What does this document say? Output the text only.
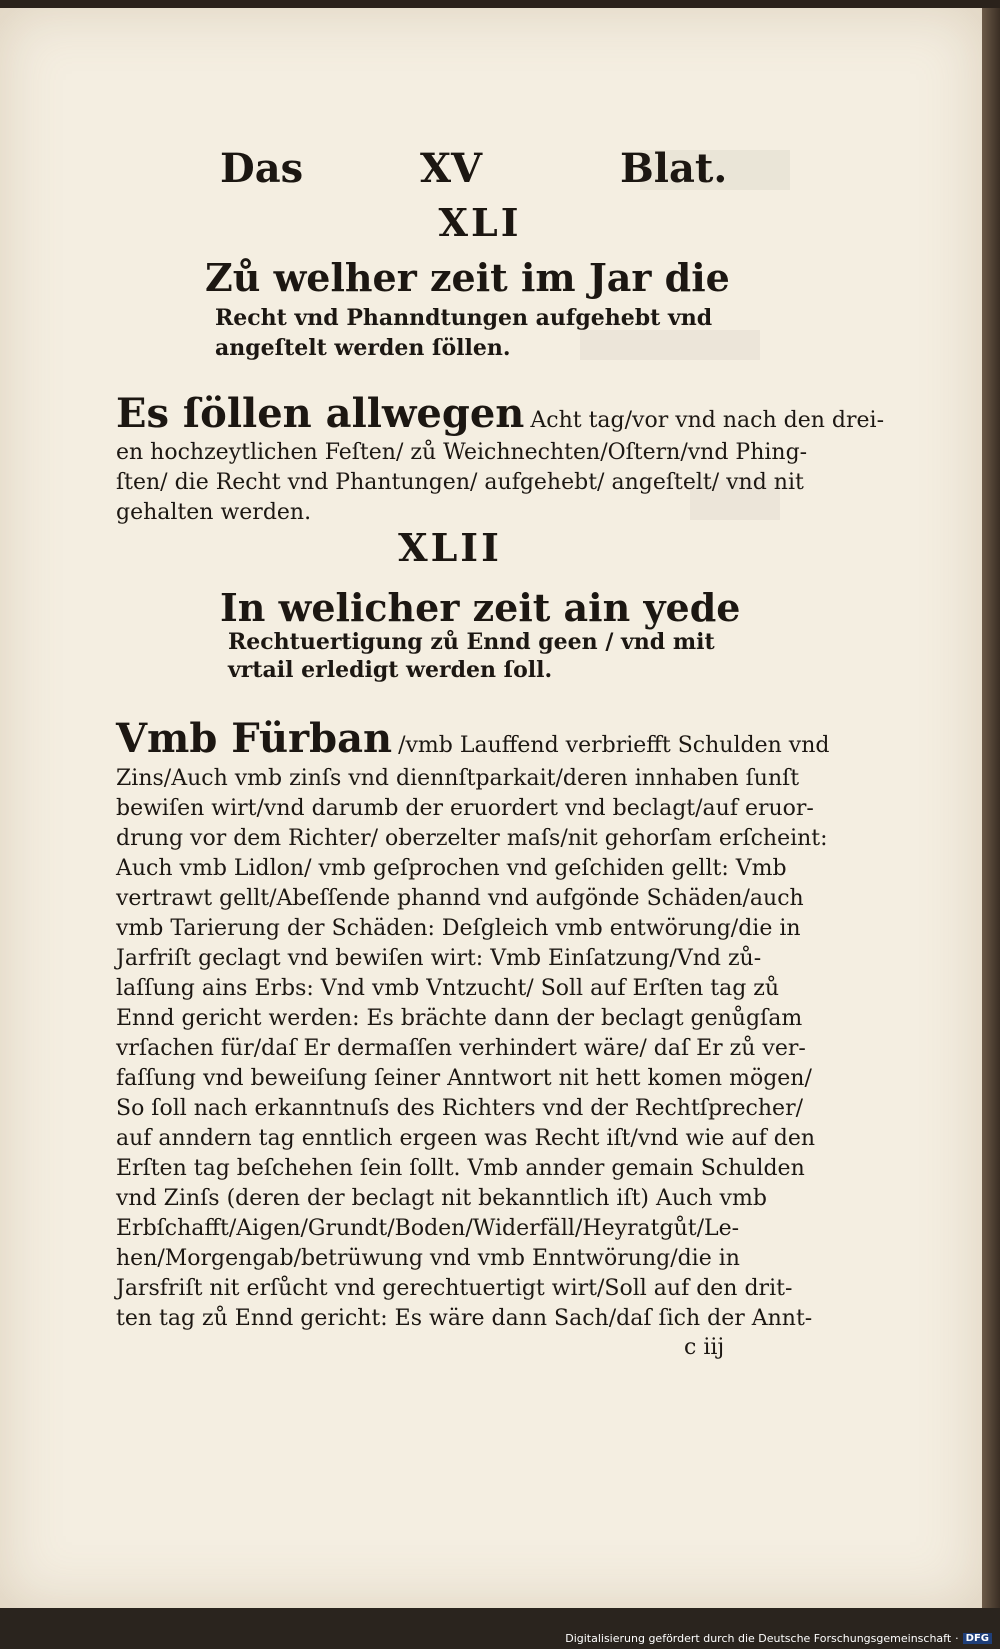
Das	XV	Blat.
XLI
Zů welher zeit im Jar die
Recht vnd Phanndtungen aufgehebt vnd
angeſtelt werden ſöllen.
Es ſöllen allwegen Acht tag/vor vnd nach den drei-
en hochzeytlichen Feſten/ zů Weichnechten/Oſtern/vnd Phing-
ſten/ die Recht vnd Phantungen/ aufgehebt/ angeſtelt/ vnd nit
gehalten werden.
XLII
In welicher zeit ain yede
Rechtuertigung zů Ennd geen / vnd mit
vrtail erledigt werden ſoll.
Vmb Fürban /vmb Lauffend verbriefft Schulden vnd
Zins/Auch vmb zinſs vnd diennſtparkait/deren innhaben ſunſt
bewiſen wirt/vnd darumb der eruordert vnd beclagt/auf eruor-
drung vor dem Richter/ oberzelter maſs/nit gehorſam erſcheint:
Auch vmb Lidlon/ vmb geſprochen vnd geſchiden gellt: Vmb
vertrawt gellt/Abeſſende phannd vnd aufgönde Schäden/auch
vmb Tarierung der Schäden: Deſgleich vmb entwörung/die in
Jarfriſt geclagt vnd bewiſen wirt: Vmb Einſatzung/Vnd zů-
laſſung ains Erbs: Vnd vmb Vntzucht/ Soll auf Erſten tag zů
Ennd gericht werden: Es brächte dann der beclagt genůgſam
vrſachen für/daſ Er dermaſſen verhindert wäre/ daſ Er zů ver-
faſſung vnd beweiſung ſeiner Anntwort nit hett komen mögen/
So ſoll nach erkanntnuſs des Richters vnd der Rechtſprecher/
auf anndern tag enntlich ergeen was Recht iſt/vnd wie auf den
Erſten tag beſchehen ſein ſollt. Vmb annder gemain Schulden
vnd Zinſs (deren der beclagt nit bekanntlich iſt) Auch vmb
Erbſchafft/Aigen/Grundt/Boden/Widerfäll/Heyratgůt/Le-
hen/Morgengab/betrüwung vnd vmb Enntwörung/die in
Jarsfriſt nit erſůcht vnd gerechtuertigt wirt/Soll auf den drit-
ten tag zů Ennd gericht: Es wäre dann Sach/daſ ſich der Annt-
c iij
Digitalisierung gefördert durch die Deutsche Forschungsgemeinschaft · DFG
